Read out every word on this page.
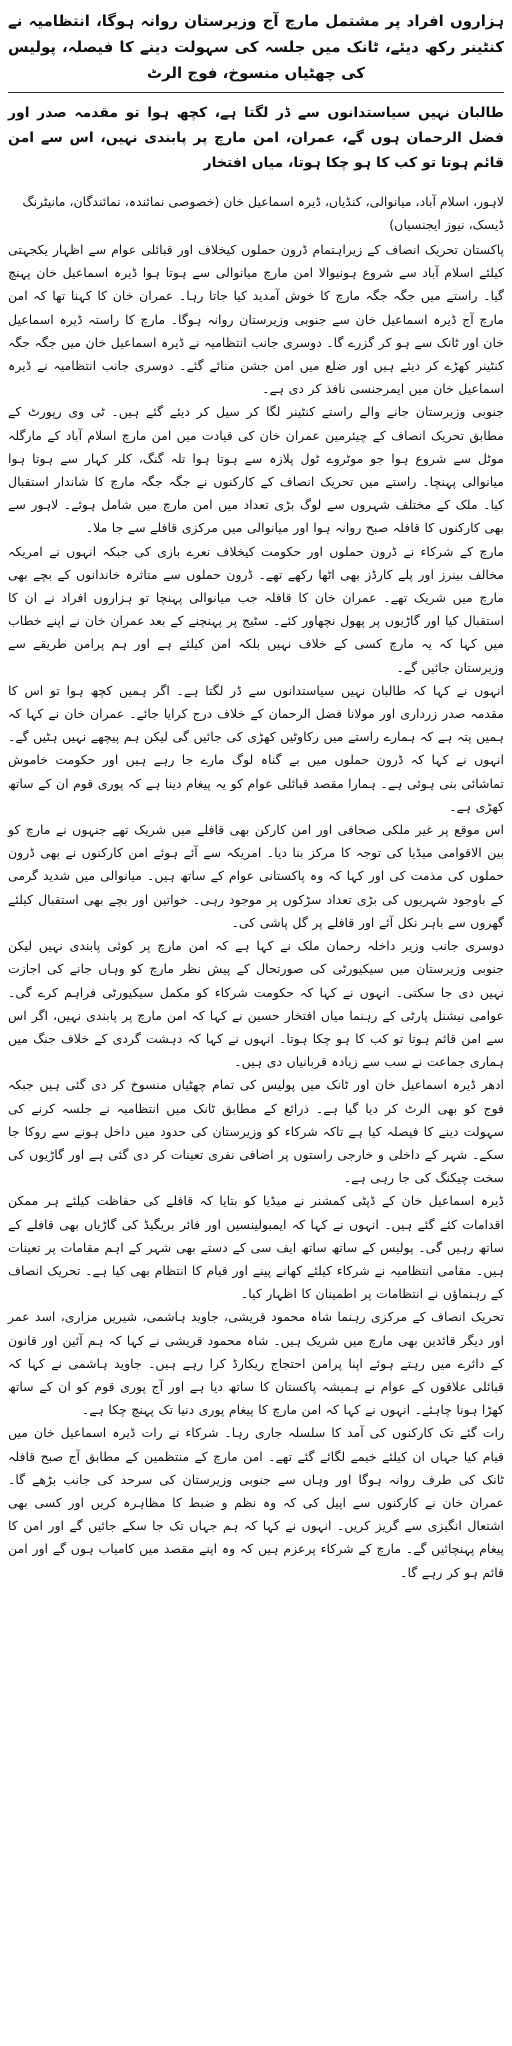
ہزاروں افراد پر مشتمل مارچ آج وزیرستان روانہ ہوگا، انتظامیہ نے کنٹینر رکھ دیئے، ٹانک میں جلسہ کی سہولت دینے کا فیصلہ، پولیس کی چھٹیاں منسوخ، فوج الرٹ
طالبان نہیں سیاستدانوں سے ڈر لگتا ہے، کچھ ہوا تو مقدمہ صدر اور فضل الرحمان ہوں گے، عمران، امن مارچ پر پابندی نہیں، اس سے امن قائم ہوتا تو کب کا ہو چکا ہوتا، میاں افتخار
لاہور، اسلام آباد، میانوالی، کنڈیاں، ڈیرہ اسماعیل خان (خصوصی نمائندہ، نمائندگان، مانیٹرنگ ڈیسک، نیوز ایجنسیاں)

پاکستان تحریک انصاف کے زیراہتمام ڈرون حملوں کیخلاف اور قبائلی عوام سے اظہار یکجہتی کیلئے اسلام آباد سے شروع ہونیوالا امن مارچ میانوالی سے ہوتا ہوا ڈیرہ اسماعیل خان پہنچ گیا۔ راستے میں جگہ جگہ مارچ کا خوش آمدید کیا جاتا رہا۔ عمران خان کا کہنا تھا کہ امن مارچ آج ڈیرہ اسماعیل خان سے جنوبی وزیرستان روانہ ہوگا۔ مارچ کا راستہ ڈیرہ اسماعیل خان اور ٹانک سے ہو کر گزرے گا۔ دوسری جانب انتظامیہ نے ڈیرہ اسماعیل خان میں جگہ جگہ کنٹینر کھڑے کر دیئے ہیں اور ضلع میں امن جشن منائے گئے۔ دوسری جانب انتظامیہ نے ڈیرہ اسماعیل خان میں ایمرجنسی نافذ کر دی ہے۔

جنوبی وزیرستان جانے والے راستے کنٹینر لگا کر سیل کر دیئے گئے ہیں۔ ٹی وی رپورٹ کے مطابق تحریک انصاف کے چیئرمین عمران خان کی قیادت میں امن مارچ اسلام آباد کے مارگلہ موٹل سے شروع ہوا جو موٹروے ٹول پلازہ سے ہوتا ہوا تلہ گنگ، کلر کہار سے ہوتا ہوا میانوالی پہنچا۔ راستے میں تحریک انصاف کے کارکنوں نے جگہ جگہ مارچ کا شاندار استقبال کیا۔ ملک کے مختلف شہروں سے لوگ بڑی تعداد میں امن مارچ میں شامل ہوئے۔ لاہور سے بھی کارکنوں کا قافلہ صبح روانہ ہوا اور میانوالی میں مرکزی قافلے سے جا ملا۔

مارچ کے شرکاء نے ڈرون حملوں اور حکومت کیخلاف نعرے بازی کی جبکہ انہوں نے امریکہ مخالف بینرز اور پلے کارڈز بھی اٹھا رکھے تھے۔ ڈرون حملوں سے متاثرہ خاندانوں کے بچے بھی مارچ میں شریک تھے۔ عمران خان کا قافلہ جب میانوالی پہنچا تو ہزاروں افراد نے ان کا استقبال کیا اور گاڑیوں پر پھول نچھاور کئے۔ سٹیج پر پہنچنے کے بعد عمران خان نے اپنے خطاب میں کہا کہ یہ مارچ کسی کے خلاف نہیں بلکہ امن کیلئے ہے اور ہم پرامن طریقے سے وزیرستان جائیں گے۔

انہوں نے کہا کہ طالبان نہیں سیاستدانوں سے ڈر لگتا ہے۔ اگر ہمیں کچھ ہوا تو اس کا مقدمہ صدر زرداری اور مولانا فضل الرحمان کے خلاف درج کرایا جائے۔ عمران خان نے کہا کہ ہمیں پتہ ہے کہ ہمارے راستے میں رکاوٹیں کھڑی کی جائیں گی لیکن ہم پیچھے نہیں ہٹیں گے۔ انہوں نے کہا کہ ڈرون حملوں میں بے گناہ لوگ مارے جا رہے ہیں اور حکومت خاموش تماشائی بنی ہوئی ہے۔ ہمارا مقصد قبائلی عوام کو یہ پیغام دینا ہے کہ پوری قوم ان کے ساتھ کھڑی ہے۔

اس موقع پر غیر ملکی صحافی اور امن کارکن بھی قافلے میں شریک تھے جنہوں نے مارچ کو بین الاقوامی میڈیا کی توجہ کا مرکز بنا دیا۔ امریکہ سے آئے ہوئے امن کارکنوں نے بھی ڈرون حملوں کی مذمت کی اور کہا کہ وہ پاکستانی عوام کے ساتھ ہیں۔ میانوالی میں شدید گرمی کے باوجود شہریوں کی بڑی تعداد سڑکوں پر موجود رہی۔ خواتین اور بچے بھی استقبال کیلئے گھروں سے باہر نکل آئے اور قافلے پر گل پاشی کی۔

دوسری جانب وزیر داخلہ رحمان ملک نے کہا ہے کہ امن مارچ پر کوئی پابندی نہیں لیکن جنوبی وزیرستان میں سیکیورٹی کی صورتحال کے پیش نظر مارچ کو وہاں جانے کی اجازت نہیں دی جا سکتی۔ انہوں نے کہا کہ حکومت شرکاء کو مکمل سیکیورٹی فراہم کرے گی۔ عوامی نیشنل پارٹی کے رہنما میاں افتخار حسین نے کہا کہ امن مارچ پر پابندی نہیں، اگر اس سے امن قائم ہوتا تو کب کا ہو چکا ہوتا۔ انہوں نے کہا کہ دہشت گردی کے خلاف جنگ میں ہماری جماعت نے سب سے زیادہ قربانیاں دی ہیں۔

ادھر ڈیرہ اسماعیل خان اور ٹانک میں پولیس کی تمام چھٹیاں منسوخ کر دی گئی ہیں جبکہ فوج کو بھی الرٹ کر دیا گیا ہے۔ ذرائع کے مطابق ٹانک میں انتظامیہ نے جلسہ کرنے کی سہولت دینے کا فیصلہ کیا ہے تاکہ شرکاء کو وزیرستان کی حدود میں داخل ہونے سے روکا جا سکے۔ شہر کے داخلی و خارجی راستوں پر اضافی نفری تعینات کر دی گئی ہے اور گاڑیوں کی سخت چیکنگ کی جا رہی ہے۔

ڈیرہ اسماعیل خان کے ڈپٹی کمشنر نے میڈیا کو بتایا کہ قافلے کی حفاظت کیلئے ہر ممکن اقدامات کئے گئے ہیں۔ انہوں نے کہا کہ ایمبولینسیں اور فائر بریگیڈ کی گاڑیاں بھی قافلے کے ساتھ رہیں گی۔ پولیس کے ساتھ ساتھ ایف سی کے دستے بھی شہر کے اہم مقامات پر تعینات ہیں۔ مقامی انتظامیہ نے شرکاء کیلئے کھانے پینے اور قیام کا انتظام بھی کیا ہے۔ تحریک انصاف کے رہنماؤں نے انتظامات پر اطمینان کا اظہار کیا۔

تحریک انصاف کے مرکزی رہنما شاہ محمود قریشی، جاوید ہاشمی، شیریں مزاری، اسد عمر اور دیگر قائدین بھی مارچ میں شریک ہیں۔ شاہ محمود قریشی نے کہا کہ ہم آئین اور قانون کے دائرے میں رہتے ہوئے اپنا پرامن احتجاج ریکارڈ کرا رہے ہیں۔ جاوید ہاشمی نے کہا کہ قبائلی علاقوں کے عوام نے ہمیشہ پاکستان کا ساتھ دیا ہے اور آج پوری قوم کو ان کے ساتھ کھڑا ہونا چاہئے۔ انہوں نے کہا کہ امن مارچ کا پیغام پوری دنیا تک پہنچ چکا ہے۔

رات گئے تک کارکنوں کی آمد کا سلسلہ جاری رہا۔ شرکاء نے رات ڈیرہ اسماعیل خان میں قیام کیا جہاں ان کیلئے خیمے لگائے گئے تھے۔ امن مارچ کے منتظمین کے مطابق آج صبح قافلہ ٹانک کی طرف روانہ ہوگا اور وہاں سے جنوبی وزیرستان کی سرحد کی جانب بڑھے گا۔ عمران خان نے کارکنوں سے اپیل کی کہ وہ نظم و ضبط کا مظاہرہ کریں اور کسی بھی اشتعال انگیزی سے گریز کریں۔ انہوں نے کہا کہ ہم جہاں تک جا سکے جائیں گے اور امن کا پیغام پہنچائیں گے۔ مارچ کے شرکاء پرعزم ہیں کہ وہ اپنے مقصد میں کامیاب ہوں گے اور امن قائم ہو کر رہے گا۔
